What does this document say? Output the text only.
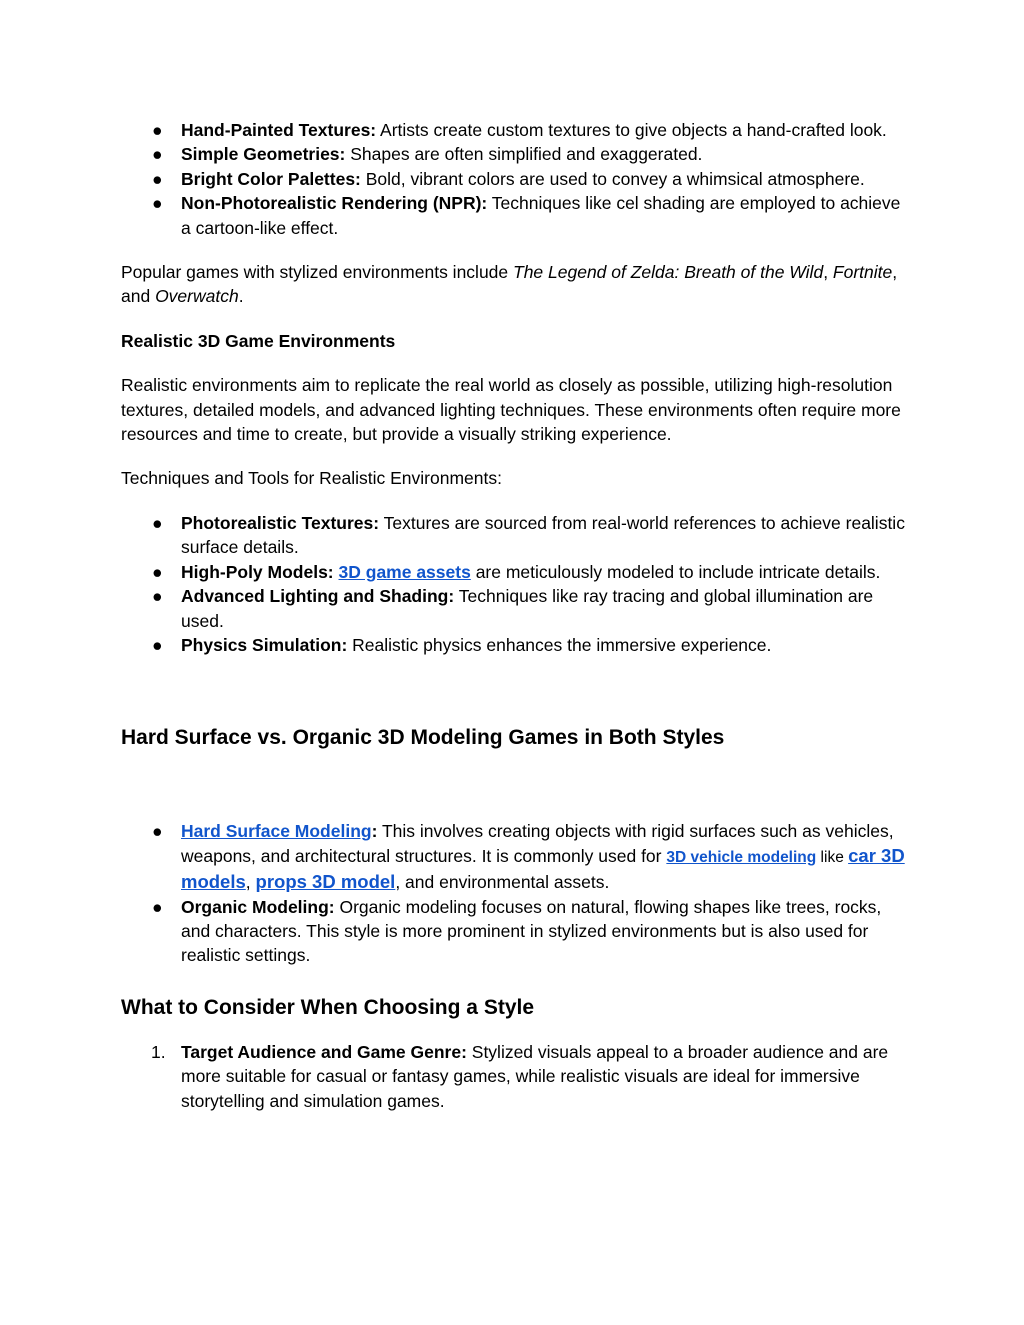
● Hand-Painted Textures: Artists create custom textures to give objects a hand-crafted look.
● Simple Geometries: Shapes are often simplified and exaggerated.
● Bright Color Palettes: Bold, vibrant colors are used to convey a whimsical atmosphere.
● Non-Photorealistic Rendering (NPR): Techniques like cel shading are employed to achieve a cartoon-like effect.

Popular games with stylized environments include The Legend of Zelda: Breath of the Wild, Fortnite, and Overwatch.

Realistic 3D Game Environments

Realistic environments aim to replicate the real world as closely as possible, utilizing high-resolution textures, detailed models, and advanced lighting techniques. These environments often require more resources and time to create, but provide a visually striking experience.

Techniques and Tools for Realistic Environments:

● Photorealistic Textures: Textures are sourced from real-world references to achieve realistic surface details.
● High-Poly Models: 3D game assets are meticulously modeled to include intricate details.
● Advanced Lighting and Shading: Techniques like ray tracing and global illumination are used.
● Physics Simulation: Realistic physics enhances the immersive experience.
Hard Surface vs. Organic 3D Modeling Games in Both Styles
● Hard Surface Modeling: This involves creating objects with rigid surfaces such as vehicles, weapons, and architectural structures. It is commonly used for 3D vehicle modeling like car 3D models, props 3D model, and environmental assets.
● Organic Modeling: Organic modeling focuses on natural, flowing shapes like trees, rocks, and characters. This style is more prominent in stylized environments but is also used for realistic settings.
What to Consider When Choosing a Style
1. Target Audience and Game Genre: Stylized visuals appeal to a broader audience and are more suitable for casual or fantasy games, while realistic visuals are ideal for immersive storytelling and simulation games.
